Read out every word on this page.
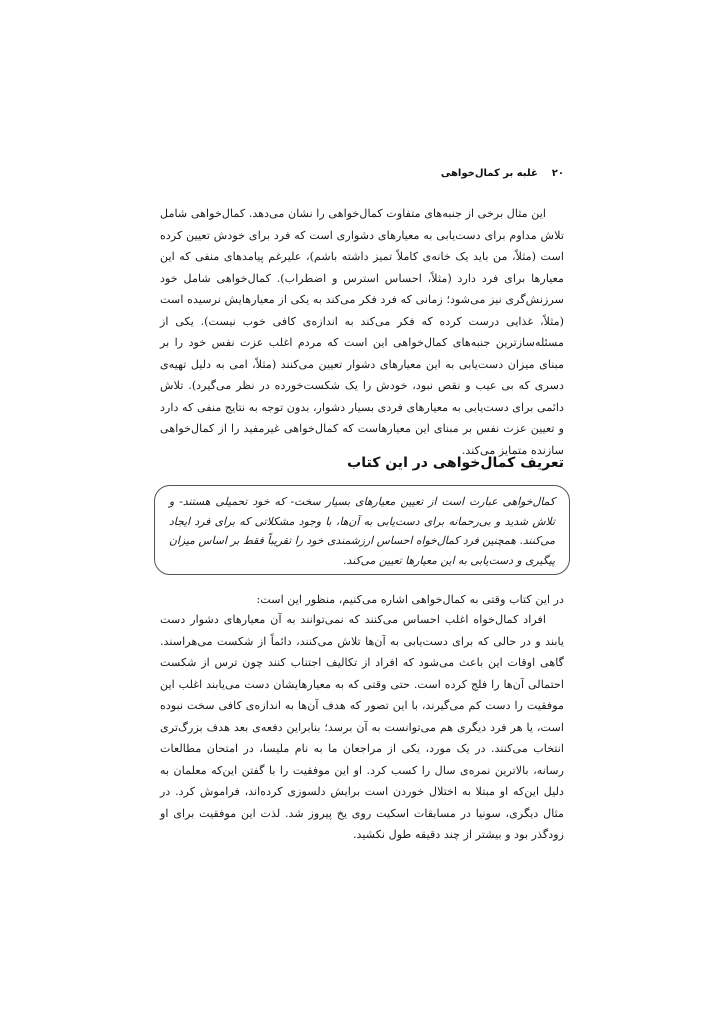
۲۰
غلبه بر کمال‌خواهی

این مثال برخی از جنبه‌های متفاوت کمال‌خواهی را نشان می‌دهد. کمال‌خواهی شامل تلاش مداوم برای دست‌یابی به معیارهای دشواری است که فرد برای خودش تعیین کرده است (مثلاً، من باید یک خانه‌ی کاملاً تمیز داشته باشم)، علیرغم پیامدهای منفی که این معیارها برای فرد دارد (مثلاً، احساس استرس و اضطراب). کمال‌خواهی شامل خود سرزنش‌گری نیز می‌شود؛ زمانی که فرد فکر می‌کند به یکی از معیارهایش نرسیده است (مثلاً، غذایی درست کرده که فکر می‌کند به اندازه‌ی کافی خوب نیست). یکی از مسئله‌سازترین جنبه‌های کمال‌خواهی این است که مردم اغلب عزت نفس خود را بر مبنای میزان دست‌یابی به این معیارهای دشوار تعیین می‌کنند (مثلاً، امی به دلیل تهیه‌ی دسری که بی عیب و نقص نبود، خودش را یک شکست‌خورده در نظر می‌گیرد). تلاش دائمی برای دست‌یابی به معیارهای فردی بسیار دشوار، بدون توجه به نتایج منفی که دارد و تعیین عزت نفس بر مبنای این معیارهاست که کمال‌خواهی غیرمفید را از کمال‌خواهی سازنده متمایز می‌کند.

تعریف کمال‌خواهی در این کتاب

کمال‌خواهی عبارت است از تعیین معیارهای بسیار سخت- که خود تحمیلی هستند- و تلاش شدید و بی‌رحمانه برای دست‌یابی به آن‌ها، با وجود مشکلاتی که برای فرد ایجاد می‌کنند. همچنین فرد کمال‌خواه احساس ارزشمندی خود را تقریباً فقط بر اساس میزان پیگیری و دست‌یابی به این معیارها تعیین می‌کند.

در این کتاب وقتی به کمال‌خواهی اشاره می‌کنیم، منظور این است:

افراد کمال‌خواه اغلب احساس می‌کنند که نمی‌توانند به آن معیارهای دشوار دست یابند و در حالی که برای دست‌یابی به آن‌ها تلاش می‌کنند، دائماً از شکست می‌هراسند. گاهی اوقات این باعث می‌شود که افراد از تکالیف اجتناب کنند چون ترس از شکست احتمالی آن‌ها را فلج کرده است. حتی وقتی که به معیارهایشان دست می‌یابند اغلب این موفقیت را دست کم می‌گیرند، با این تصور که هدف آن‌ها به اندازه‌ی کافی سخت نبوده است، یا هر فرد دیگری هم می‌توانست به آن برسد؛ بنابراین دفعه‌ی بعد هدف بزرگ‌تری انتخاب می‌کنند. در یک مورد، یکی از مراجعان ما به نام ملیسا، در امتحان مطالعات رسانه، بالاترین نمره‌ی سال را کسب کرد. او این موفقیت را با گفتن این‌که معلمان به دلیل این‌که او مبتلا به اختلال خوردن است برایش دلسوزی کرده‌اند، فراموش کرد. در مثال دیگری، سونیا در مسابقات اسکیت روی یخ پیروز شد. لذت این موفقیت برای او زودگذر بود و بیشتر از چند دقیقه طول نکشید.
